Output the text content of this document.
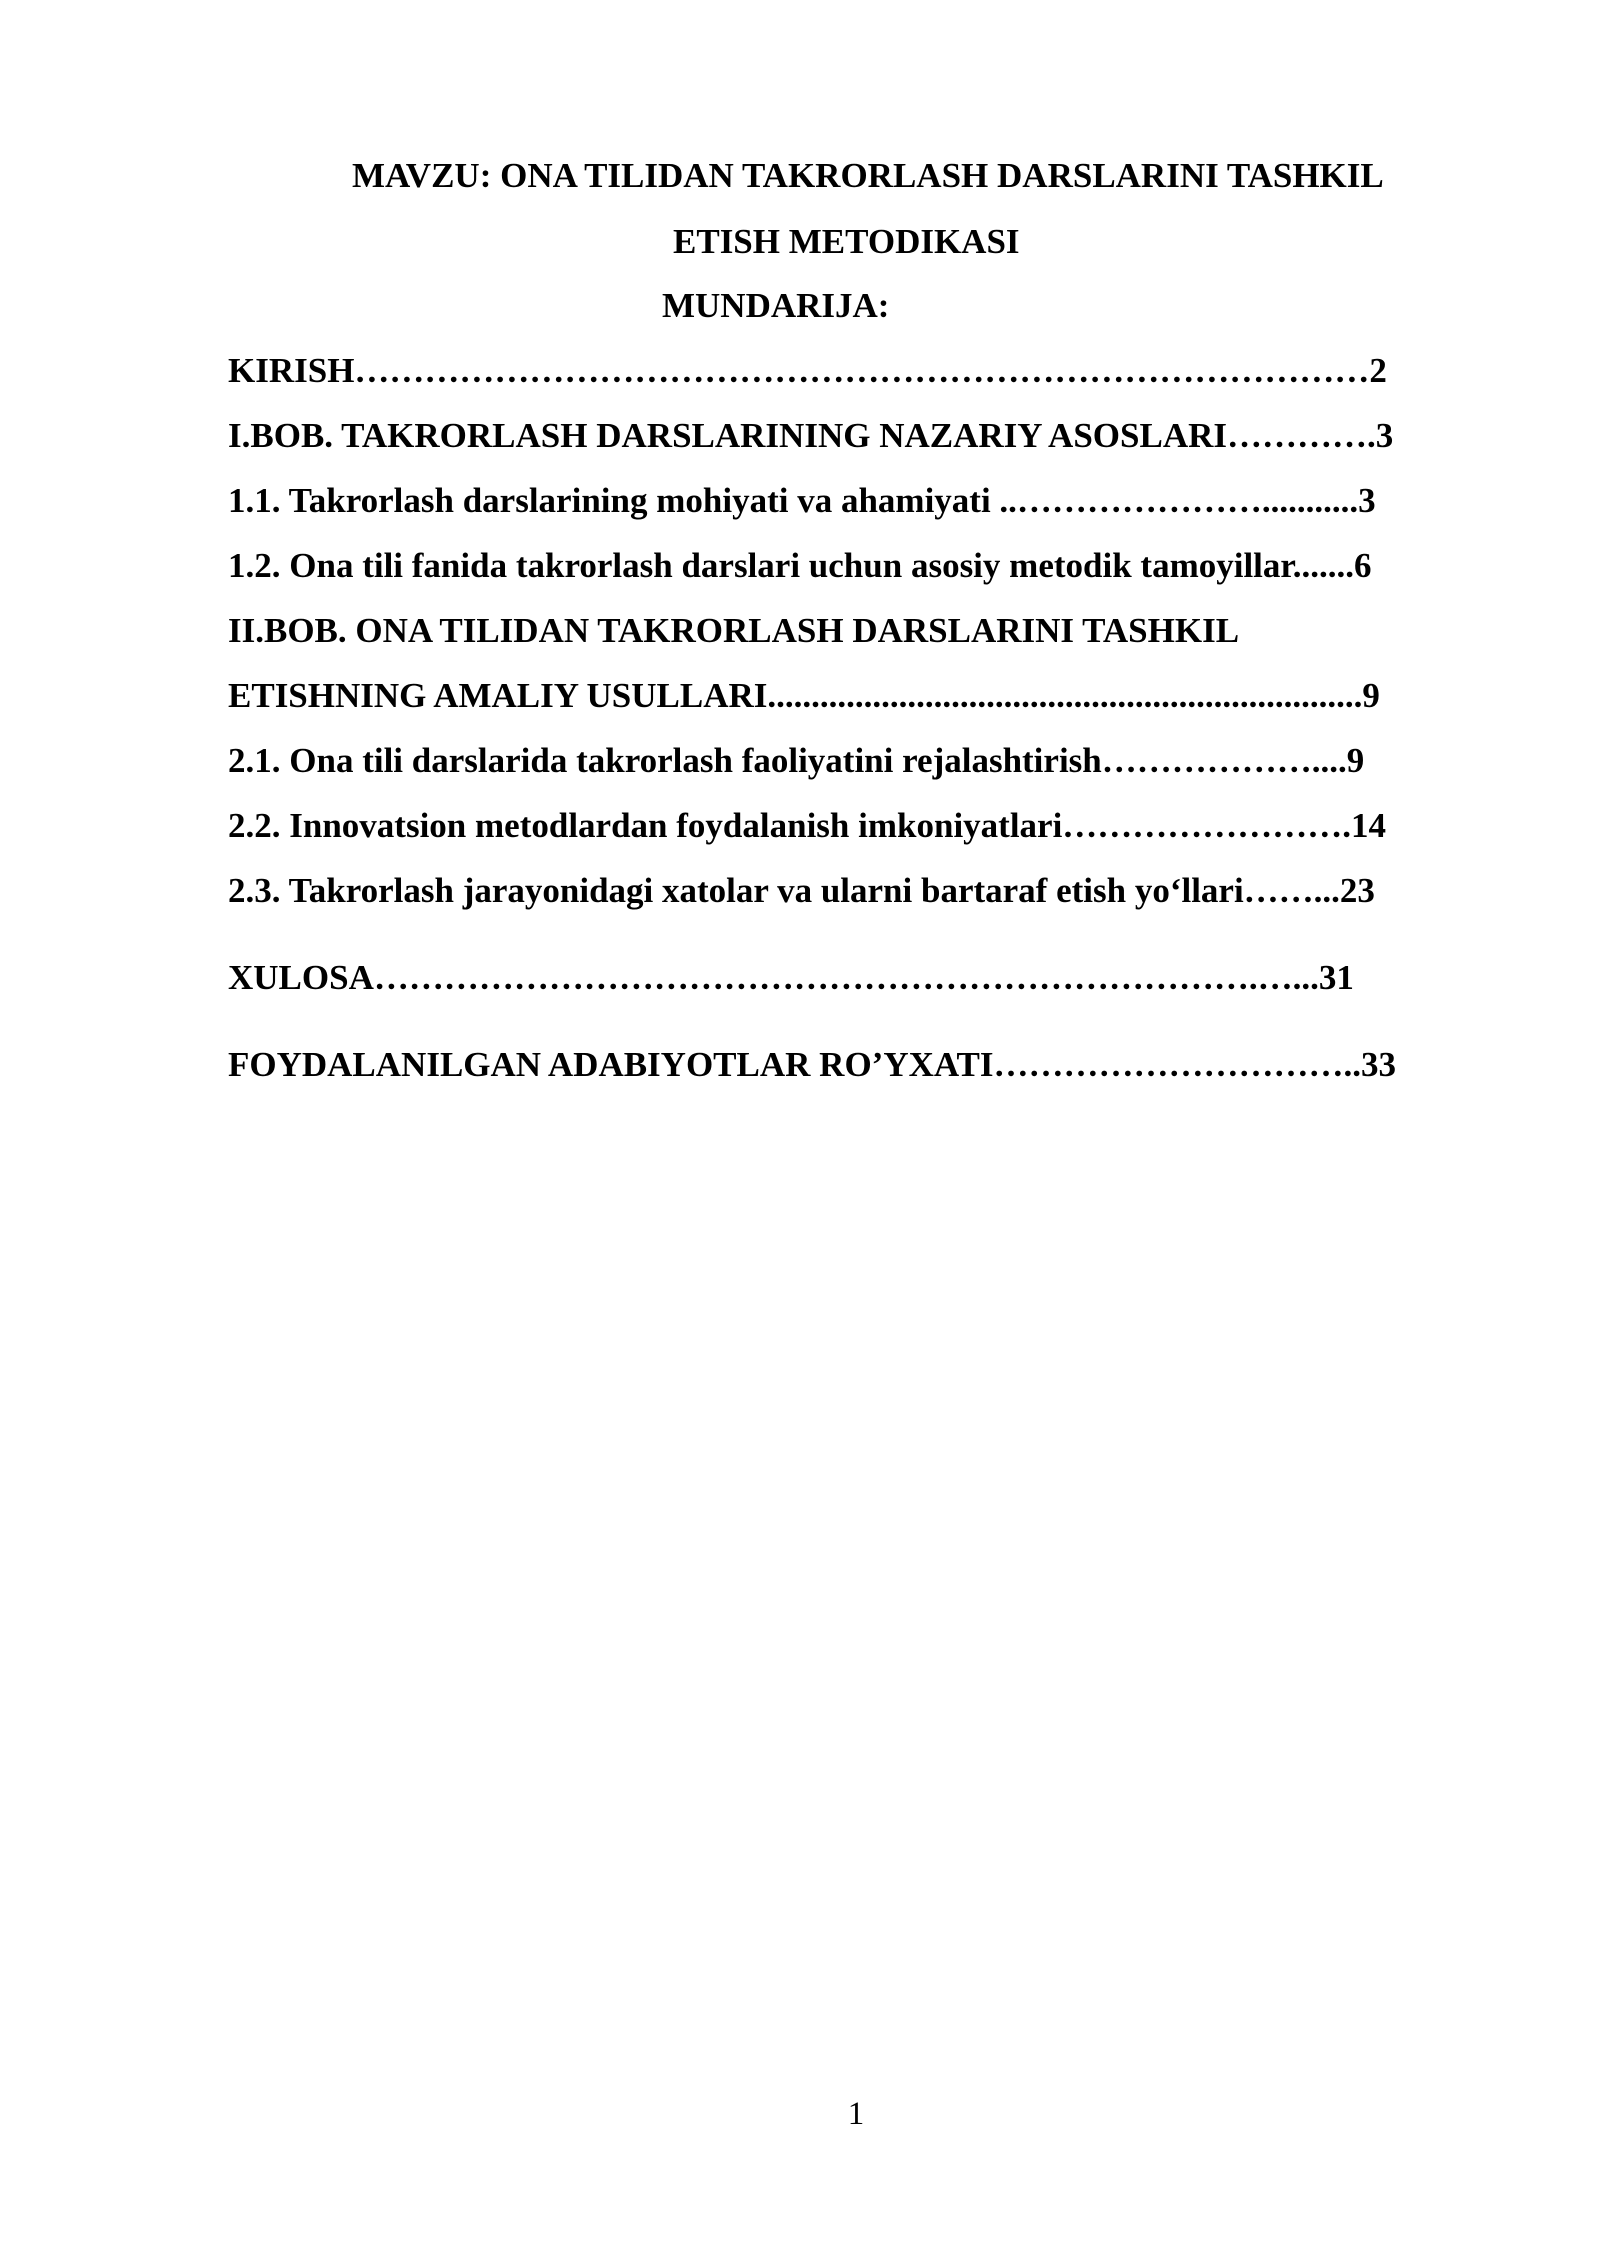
MAVZU: ONA TILIDAN TAKRORLASH DARSLARINI TASHKIL
ETISH METODIKASI
MUNDARIJA:
KIRISH……………………………………………………………………………2
I.BOB. TAKRORLASH DARSLARINING NAZARIY ASOSLARI………….3
1.1. Takrorlash darslarining mohiyati va ahamiyati ..…………………...........3
1.2. Ona tili fanida takrorlash darslari uchun asosiy metodik tamoyillar.......6
II.BOB. ONA TILIDAN TAKRORLASH DARSLARINI TASHKIL
ETISHNING AMALIY USULLARI....................................................................9
2.1. Ona tili darslarida takrorlash faoliyatini rejalashtirish………………....9
2.2. Innovatsion metodlardan foydalanish imkoniyatlari…………………….14
2.3. Takrorlash jarayonidagi xatolar va ularni bartaraf etish yo‘llari……...23
XULOSA………………………………………………………………….…...31
FOYDALANILGAN ADABIYOTLAR RO’YXATI…………………………..33
1
